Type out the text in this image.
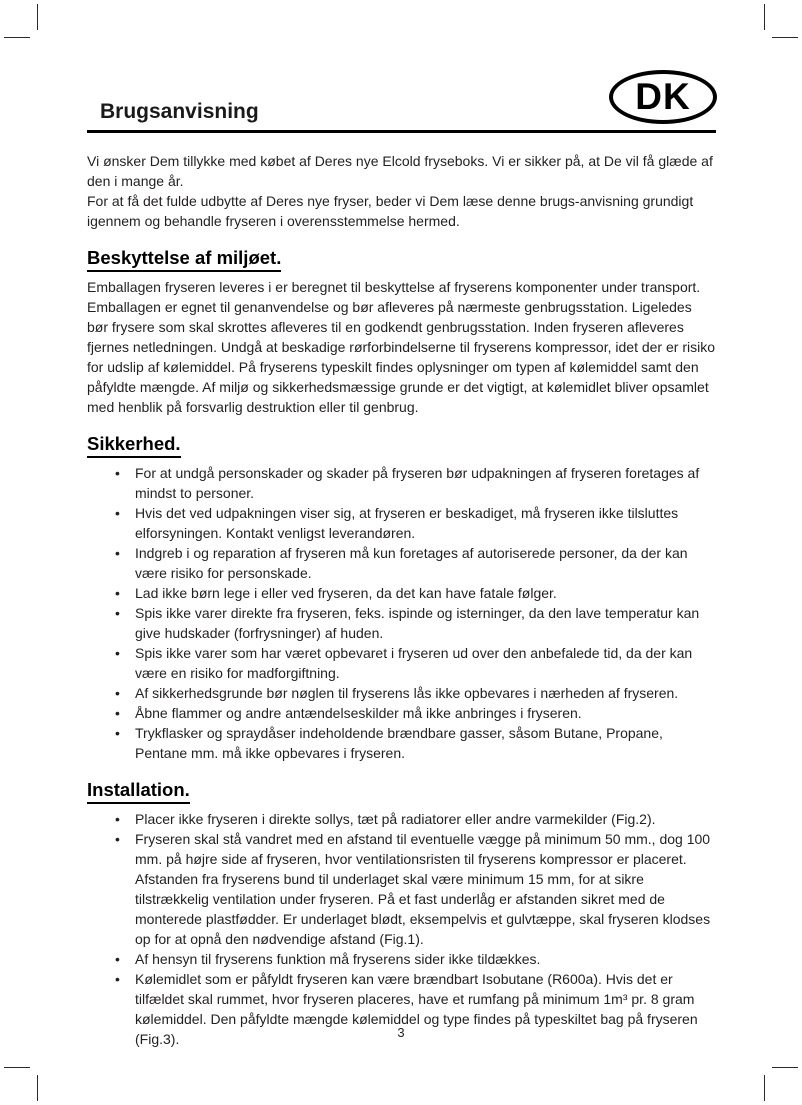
DK
Brugsanvisning

Vi ønsker Dem tillykke med købet af Deres nye Elcold fryseboks. Vi er sikker på, at De vil få glæde af den i mange år.

For at få det fulde udbytte af Deres nye fryser, beder vi Dem læse denne brugs-anvisning grundigt igennem og behandle fryseren i overensstemmelse hermed.

Beskyttelse af miljøet.

Emballagen fryseren leveres i er beregnet til beskyttelse af fryserens komponenter under transport. Emballagen er egnet til genanvendelse og bør afleveres på nærmeste genbrugsstation. Ligeledes bør frysere som skal skrottes afleveres til en godkendt genbrugsstation. Inden fryseren afleveres fjernes netledningen. Undgå at beskadige rørforbindelserne til fryserens kompressor, idet der er risiko for udslip af kølemiddel. På fryserens typeskilt findes oplysninger om typen af kølemiddel samt den påfyldte mængde. Af miljø og sikkerhedsmæssige grunde er det vigtigt, at kølemidlet bliver opsamlet med henblik på forsvarlig destruktion eller til genbrug.

Sikkerhed.
• For at undgå personskader og skader på fryseren bør udpakningen af fryseren foretages af mindst to personer.
• Hvis det ved udpakningen viser sig, at fryseren er beskadiget, må fryseren ikke tilsluttes elforsyningen. Kontakt venligst leverandøren.
• Indgreb i og reparation af fryseren må kun foretages af autoriserede personer, da der kan være risiko for personskade.
• Lad ikke børn lege i eller ved fryseren, da det kan have fatale følger.
• Spis ikke varer direkte fra fryseren, feks. ispinde og isterninger, da den lave temperatur kan give hudskader (forfrysninger) af huden.
• Spis ikke varer som har været opbevaret i fryseren ud over den anbefalede tid, da der kan være en risiko for madforgiftning.
• Af sikkerhedsgrunde bør nøglen til fryserens lås ikke opbevares i nærheden af fryseren.
• Åbne flammer og andre antændelseskilder må ikke anbringes i fryseren.
• Trykflasker og spraydåser indeholdende brændbare gasser, såsom Butane, Propane, Pentane mm. må ikke opbevares i fryseren.
Installation.
• Placer ikke fryseren i direkte sollys, tæt på radiatorer eller andre varmekilder (Fig.2).
• Fryseren skal stå vandret med en afstand til eventuelle vægge på minimum 50 mm., dog 100 mm. på højre side af fryseren, hvor ventilationsristen til fryserens kompressor er placeret. Afstanden fra fryserens bund til underlaget skal være minimum 15 mm, for at sikre tilstrækkelig ventilation under fryseren. På et fast underlåg er afstanden sikret med de monterede plastfødder. Er underlaget blødt, eksempelvis et gulvtæppe, skal fryseren klodses op for at opnå den nødvendige afstand (Fig.1).
• Af hensyn til fryserens funktion må fryserens sider ikke tildækkes.
• Kølemidlet som er påfyldt fryseren kan være brændbart Isobutane (R600a). Hvis det er tilfældet skal rummet, hvor fryseren placeres, have et rumfang på minimum 1m³ pr. 8 gram kølemiddel. Den påfyldte mængde kølemiddel og type findes på typeskiltet bag på fryseren (Fig.3).	3
